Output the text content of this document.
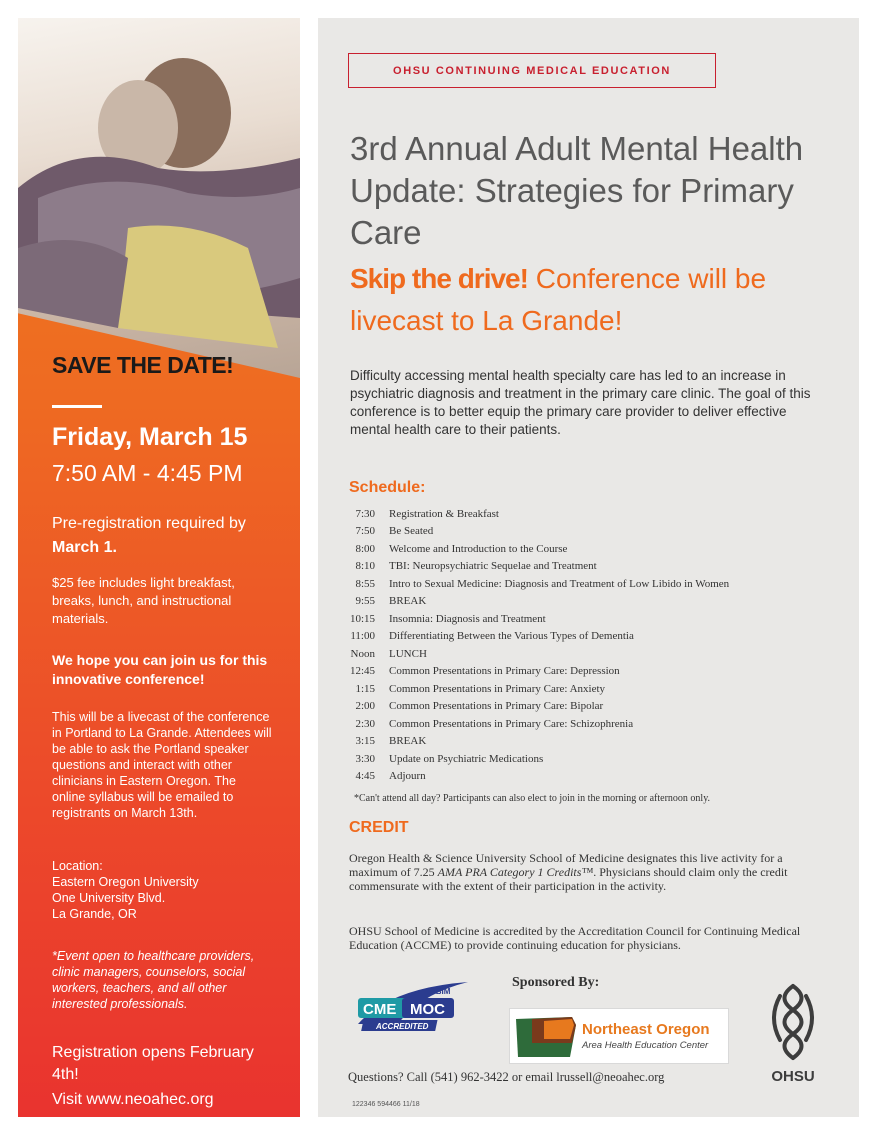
SAVE THE DATE!
Friday, March 15
7:50 AM - 4:45 PM
Pre-registration required by March 1.
$25 fee includes light breakfast, breaks, lunch, and instructional materials.
We hope you can join us for this innovative conference!
This will be a livecast of the conference in Portland to La Grande. Attendees will be able to ask the Portland speaker questions and interact with other clinicians in Eastern Oregon. The online syllabus will be emailed to registrants on March 13th.
Location:
Eastern Oregon University
One University Blvd.
La Grande, OR
*Event open to healthcare providers, clinic managers, counselors, social workers, teachers, and all other interested professionals.
Registration opens February 4th!
Visit www.neoahec.org
OHSU CONTINUING MEDICAL EDUCATION
3rd Annual Adult Mental Health Update: Strategies for Primary Care
Skip the drive! Conference will be livecast to La Grande!
Difficulty accessing mental health specialty care has led to an increase in psychiatric diagnosis and treatment in the primary care clinic. The goal of this conference is to better equip the primary care provider to deliver effective mental health care to their patients.
Schedule:
7:30 Registration & Breakfast
7:50 Be Seated
8:00 Welcome and Introduction to the Course
8:10 TBI: Neuropsychiatric Sequelae and Treatment
8:55 Intro to Sexual Medicine: Diagnosis and Treatment of Low Libido in Women
9:55 BREAK
10:15 Insomnia: Diagnosis and Treatment
11:00 Differentiating Between the Various Types of Dementia
Noon LUNCH
12:45 Common Presentations in Primary Care: Depression
1:15 Common Presentations in Primary Care: Anxiety
2:00 Common Presentations in Primary Care: Bipolar
2:30 Common Presentations in Primary Care: Schizophrenia
3:15 BREAK
3:30 Update on Psychiatric Medications
4:45 Adjourn
*Can't attend all day? Participants can also elect to join in the morning or afternoon only.
CREDIT
Oregon Health & Science University School of Medicine designates this live activity for a maximum of 7.25 AMA PRA Category 1 Credits™. Physicians should claim only the credit commensurate with the extent of their participation in the activity.
OHSU School of Medicine is accredited by the Accreditation Council for Continuing Medical Education (ACCME) to provide continuing education for physicians.
Sponsored By:
ABIM
CME MOC
ACCREDITED	Northeast Oregon
Area Health Education Center
OHSU
Questions? Call (541) 962-3422 or email lrussell@neoahec.org
122346 594466 11/18
